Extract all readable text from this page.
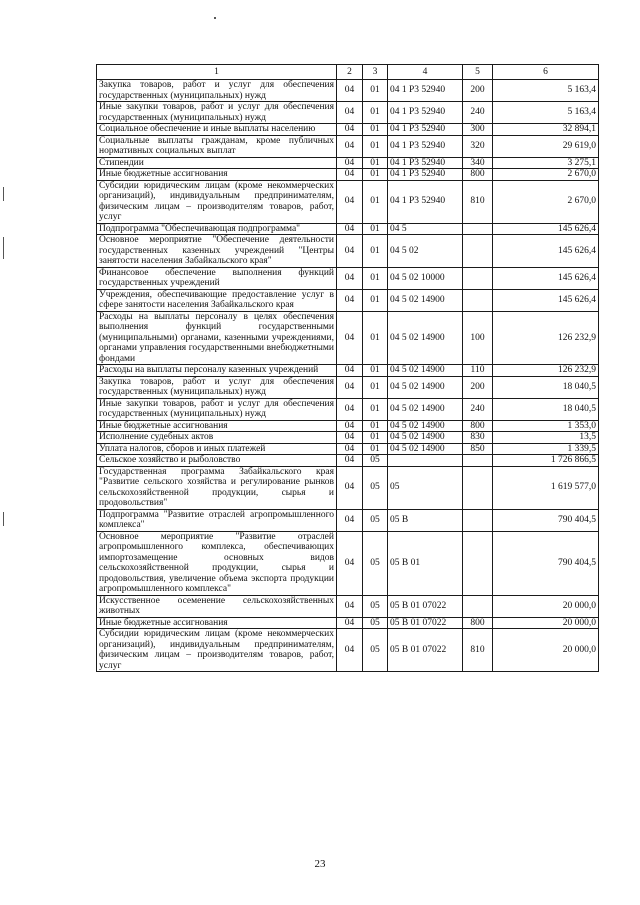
1	2	3	4	5	6
Закупка товаров, работ и услуг для обеспечения государственных (муниципальных) нужд	04	01	04 1 Р3 52940	200	5 163,4
Иные закупки товаров, работ и услуг для обеспечения государственных (муниципальных) нужд	04	01	04 1 Р3 52940	240	5 163,4
Социальное обеспечение и иные выплаты населению	04	01	04 1 Р3 52940	300	32 894,1
Социальные выплаты гражданам, кроме публичных нормативных социальных выплат	04	01	04 1 Р3 52940	320	29 619,0
Стипендии	04	01	04 1 Р3 52940	340	3 275,1
Иные бюджетные ассигнования	04	01	04 1 Р3 52940	800	2 670,0
Субсидии юридическим лицам (кроме некоммерческих организаций), индивидуальным предпринимателям, физическим лицам – производителям товаров, работ, услуг	04	01	04 1 Р3 52940	810	2 670,0
Подпрограмма "Обеспечивающая подпрограмма"	04	01	04 5		145 626,4
Основное мероприятие "Обеспечение деятельности государственных казенных учреждений "Центры занятости населения Забайкальского края"	04	01	04 5 02		145 626,4
Финансовое обеспечение выполнения функций государственных учреждений	04	01	04 5 02 10000		145 626,4
Учреждения, обеспечивающие предоставление услуг в сфере занятости населения Забайкальского края	04	01	04 5 02 14900		145 626,4
Расходы на выплаты персоналу в целях обеспечения выполнения функций государственными (муниципальными) органами, казенными учреждениями, органами управления государственными внебюджетными фондами	04	01	04 5 02 14900	100	126 232,9
Расходы на выплаты персоналу казенных учреждений	04	01	04 5 02 14900	110	126 232,9
Закупка товаров, работ и услуг для обеспечения государственных (муниципальных) нужд	04	01	04 5 02 14900	200	18 040,5
Иные закупки товаров, работ и услуг для обеспечения государственных (муниципальных) нужд	04	01	04 5 02 14900	240	18 040,5
Иные бюджетные ассигнования	04	01	04 5 02 14900	800	1 353,0
Исполнение судебных актов	04	01	04 5 02 14900	830	13,5
Уплата налогов, сборов и иных платежей	04	01	04 5 02 14900	850	1 339,5
Сельское хозяйство и рыболовство	04	05			1 726 866,5
Государственная программа Забайкальского края "Развитие сельского хозяйства и регулирование рынков сельскохозяйственной продукции, сырья и продовольствия"	04	05	05		1 619 577,0
Подпрограмма "Развитие отраслей агропромышленного комплекса"	04	05	05 В		790 404,5
Основное мероприятие "Развитие отраслей агропромышленного комплекса, обеспечивающих импортозамещение основных видов сельскохозяйственной продукции, сырья и продовольствия, увеличение объема экспорта продукции агропромышленного комплекса"	04	05	05 В 01		790 404,5
Искусственное осеменение сельскохозяйственных животных	04	05	05 В 01 07022		20 000,0
Иные бюджетные ассигнования	04	05	05 В 01 07022	800	20 000,0
Субсидии юридическим лицам (кроме некоммерческих организаций), индивидуальным предпринимателям, физическим лицам – производителям товаров, работ, услуг	04	05	05 В 01 07022	810	20 000,0
23
